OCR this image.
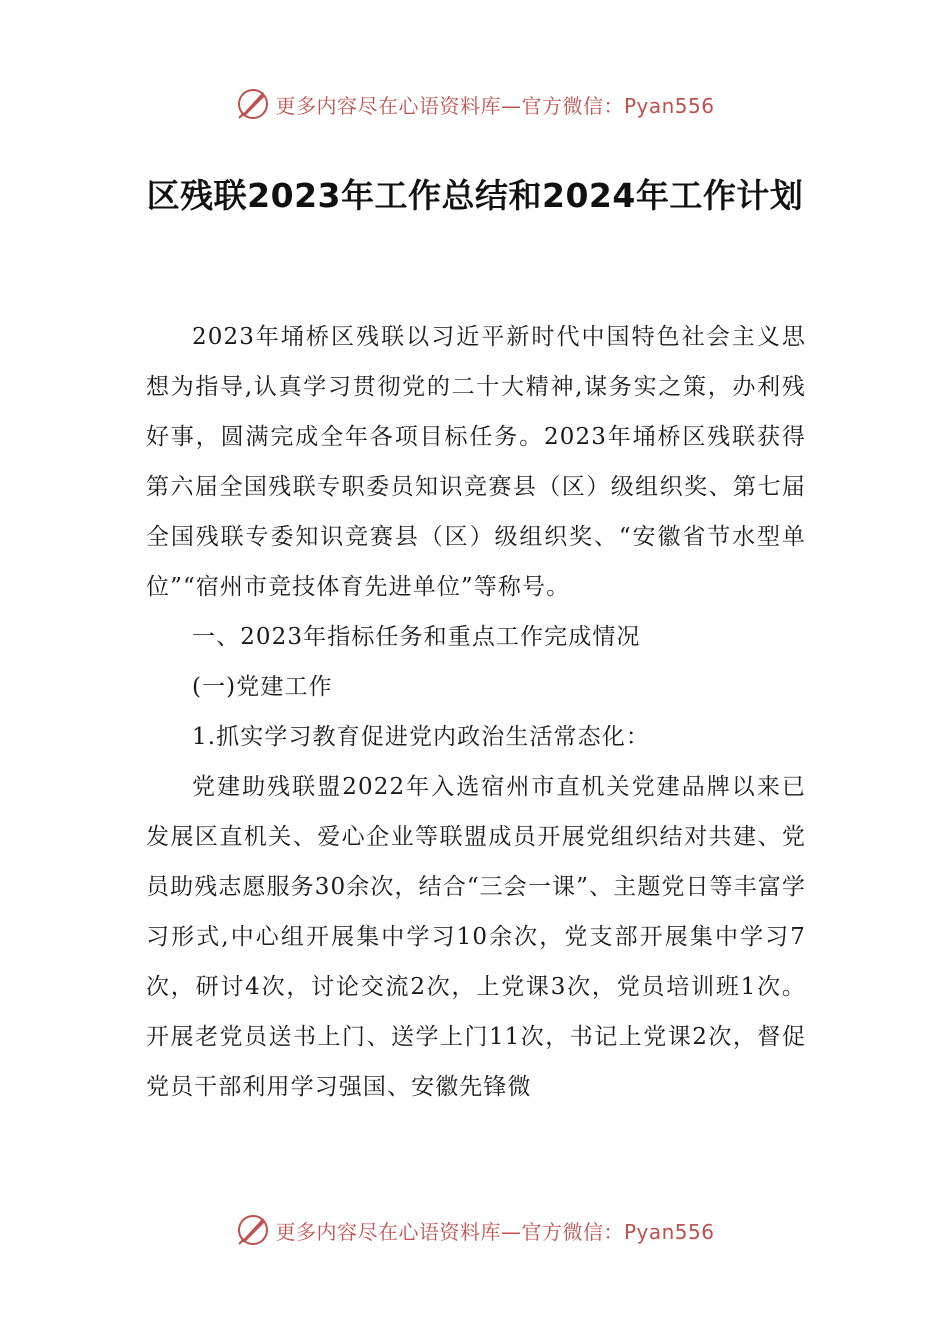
更多内容尽在心语资料库—官方微信：Pyan556
区残联2023年工作总结和2024年工作计划

2023年埇桥区残联以习近平新时代中国特色社会主义思想为指导,认真学习贯彻党的二十大精神,谋务实之策，办利残好事，圆满完成全年各项目标任务。2023年埇桥区残联获得第六届全国残联专职委员知识竞赛县（区）级组织奖、第七届全国残联专委知识竞赛县（区）级组织奖、“安徽省节水型单位”“宿州市竞技体育先进单位”等称号。

一、2023年指标任务和重点工作完成情况

(一)党建工作

1.抓实学习教育促进党内政治生活常态化：

党建助残联盟2022年入选宿州市直机关党建品牌以来已发展区直机关、爱心企业等联盟成员开展党组织结对共建、党员助残志愿服务30余次，结合“三会一课”、主题党日等丰富学习形式,中心组开展集中学习10余次，党支部开展集中学习7次，研讨4次，讨论交流2次，上党课3次，党员培训班1次。开展老党员送书上门、送学上门11次，书记上党课2次，督促党员干部利用学习强国、安徽先锋微

更多内容尽在心语资料库—官方微信：Pyan556
